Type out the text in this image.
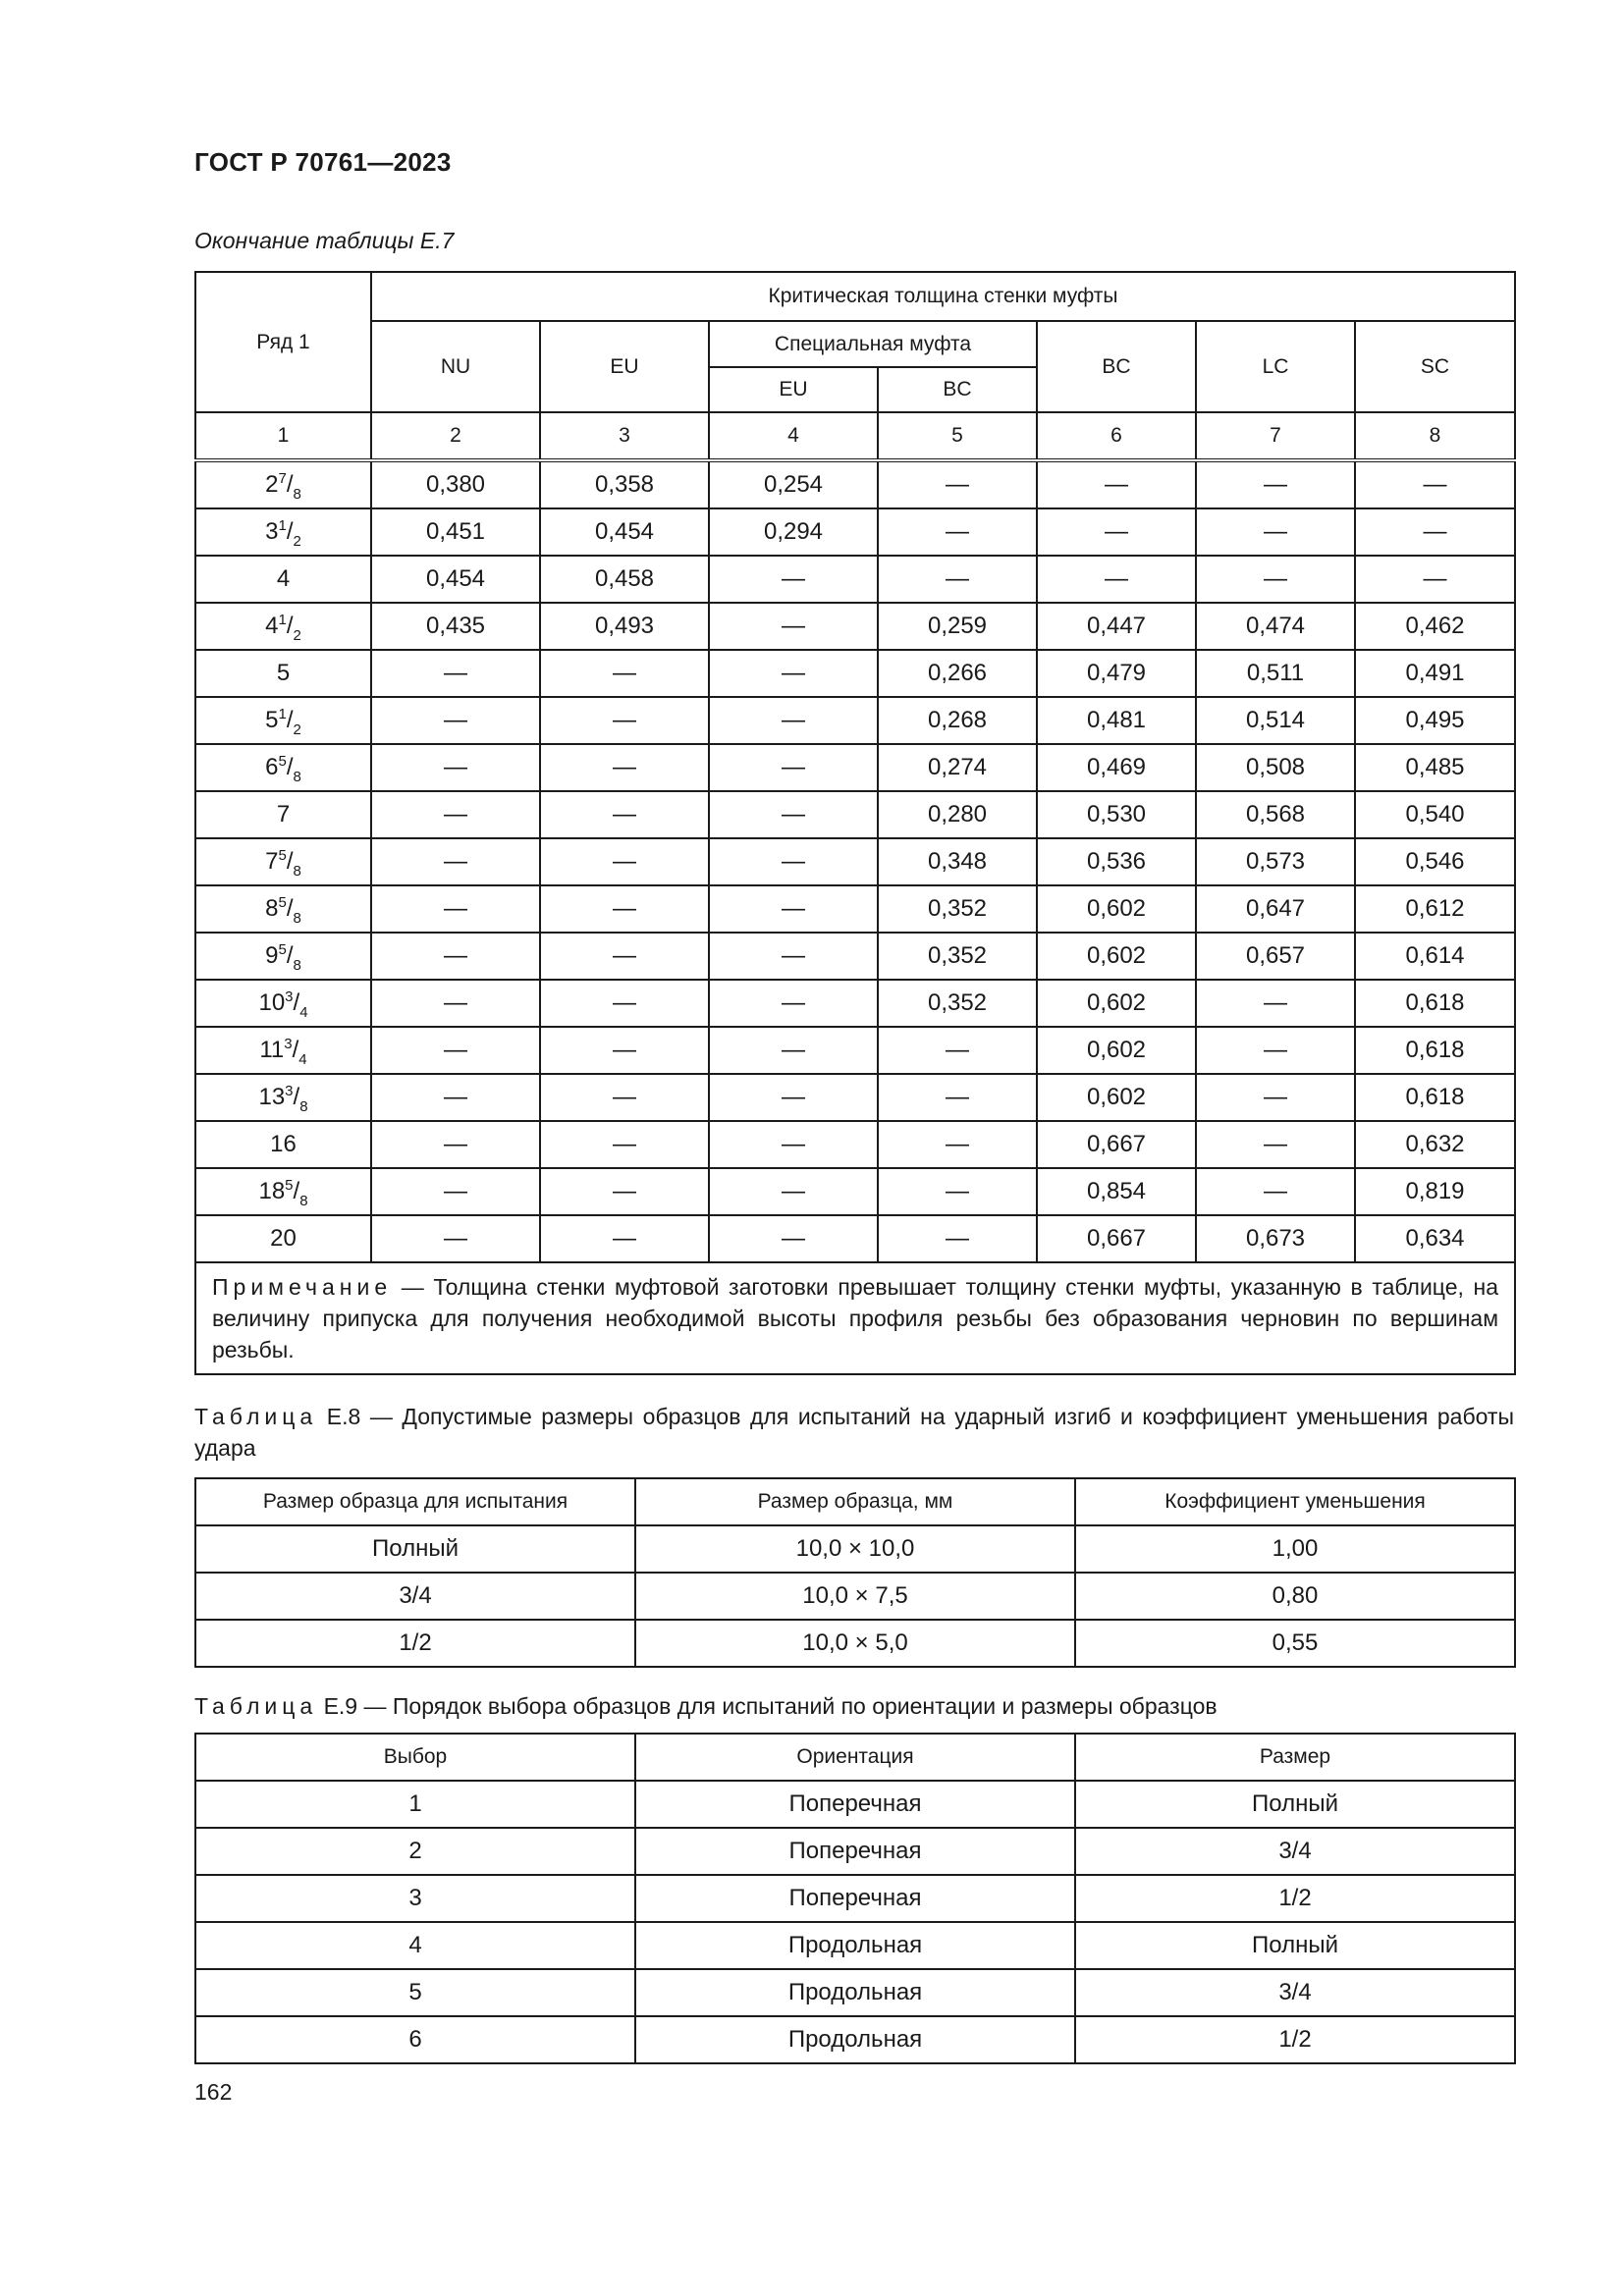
ГОСТ Р 70761—2023
Окончание таблицы Е.7
Ряд 1	Критическая толщина стенки муфты						
	NU	EU	Специальная муфта		BC	LC	SC
			EU	BC			
1	2	3	4	5	6	7	8
$2^7/_8$	0,380	0,358	0,254	—	—	—	—
$3^1/_2$	0,451	0,454	0,294	—	—	—	—
4	0,454	0,458	—	—	—	—	—
$4^1/_2$	0,435	0,493	—	0,259	0,447	0,474	0,462
5	—	—	—	0,266	0,479	0,511	0,491
$5^1/_2$	—	—	—	0,268	0,481	0,514	0,495
$6^5/_8$	—	—	—	0,274	0,469	0,508	0,485
7	—	—	—	0,280	0,530	0,568	0,540
$7^5/_8$	—	—	—	0,348	0,536	0,573	0,546
$8^5/_8$	—	—	—	0,352	0,602	0,647	0,612
$9^5/_8$	—	—	—	0,352	0,602	0,657	0,614
$10^3/_4$	—	—	—	0,352	0,602	—	0,618
$11^3/_4$	—	—	—	—	0,602	—	0,618
$13^3/_8$	—	—	—	—	0,602	—	0,618
16	—	—	—	—	0,667	—	0,632
$18^5/_8$	—	—	—	—	0,854	—	0,819
20	—	—	—	—	0,667	0,673	0,634
Примечание — Толщина стенки муфтовой заготовки превышает толщину стенки муфты, указанную в таблице, на величину припуска для получения необходимой высоты профиля резьбы без образования черновин по вершинам резьбы.							
Таблица Е.8 — Допустимые размеры образцов для испытаний на ударный изгиб и коэффициент уменьшения работы удара
Размер образца для испытания	Размер образца, мм	Коэффициент уменьшения
Полный	10,0 × 10,0	1,00
3/4	10,0 × 7,5	0,80
1/2	10,0 × 5,0	0,55
Таблица Е.9 — Порядок выбора образцов для испытаний по ориентации и размеры образцов
Выбор	Ориентация	Размер
1	Поперечная	Полный
2	Поперечная	3/4
3	Поперечная	1/2
4	Продольная	Полный
5	Продольная	3/4
6	Продольная	1/2
162
